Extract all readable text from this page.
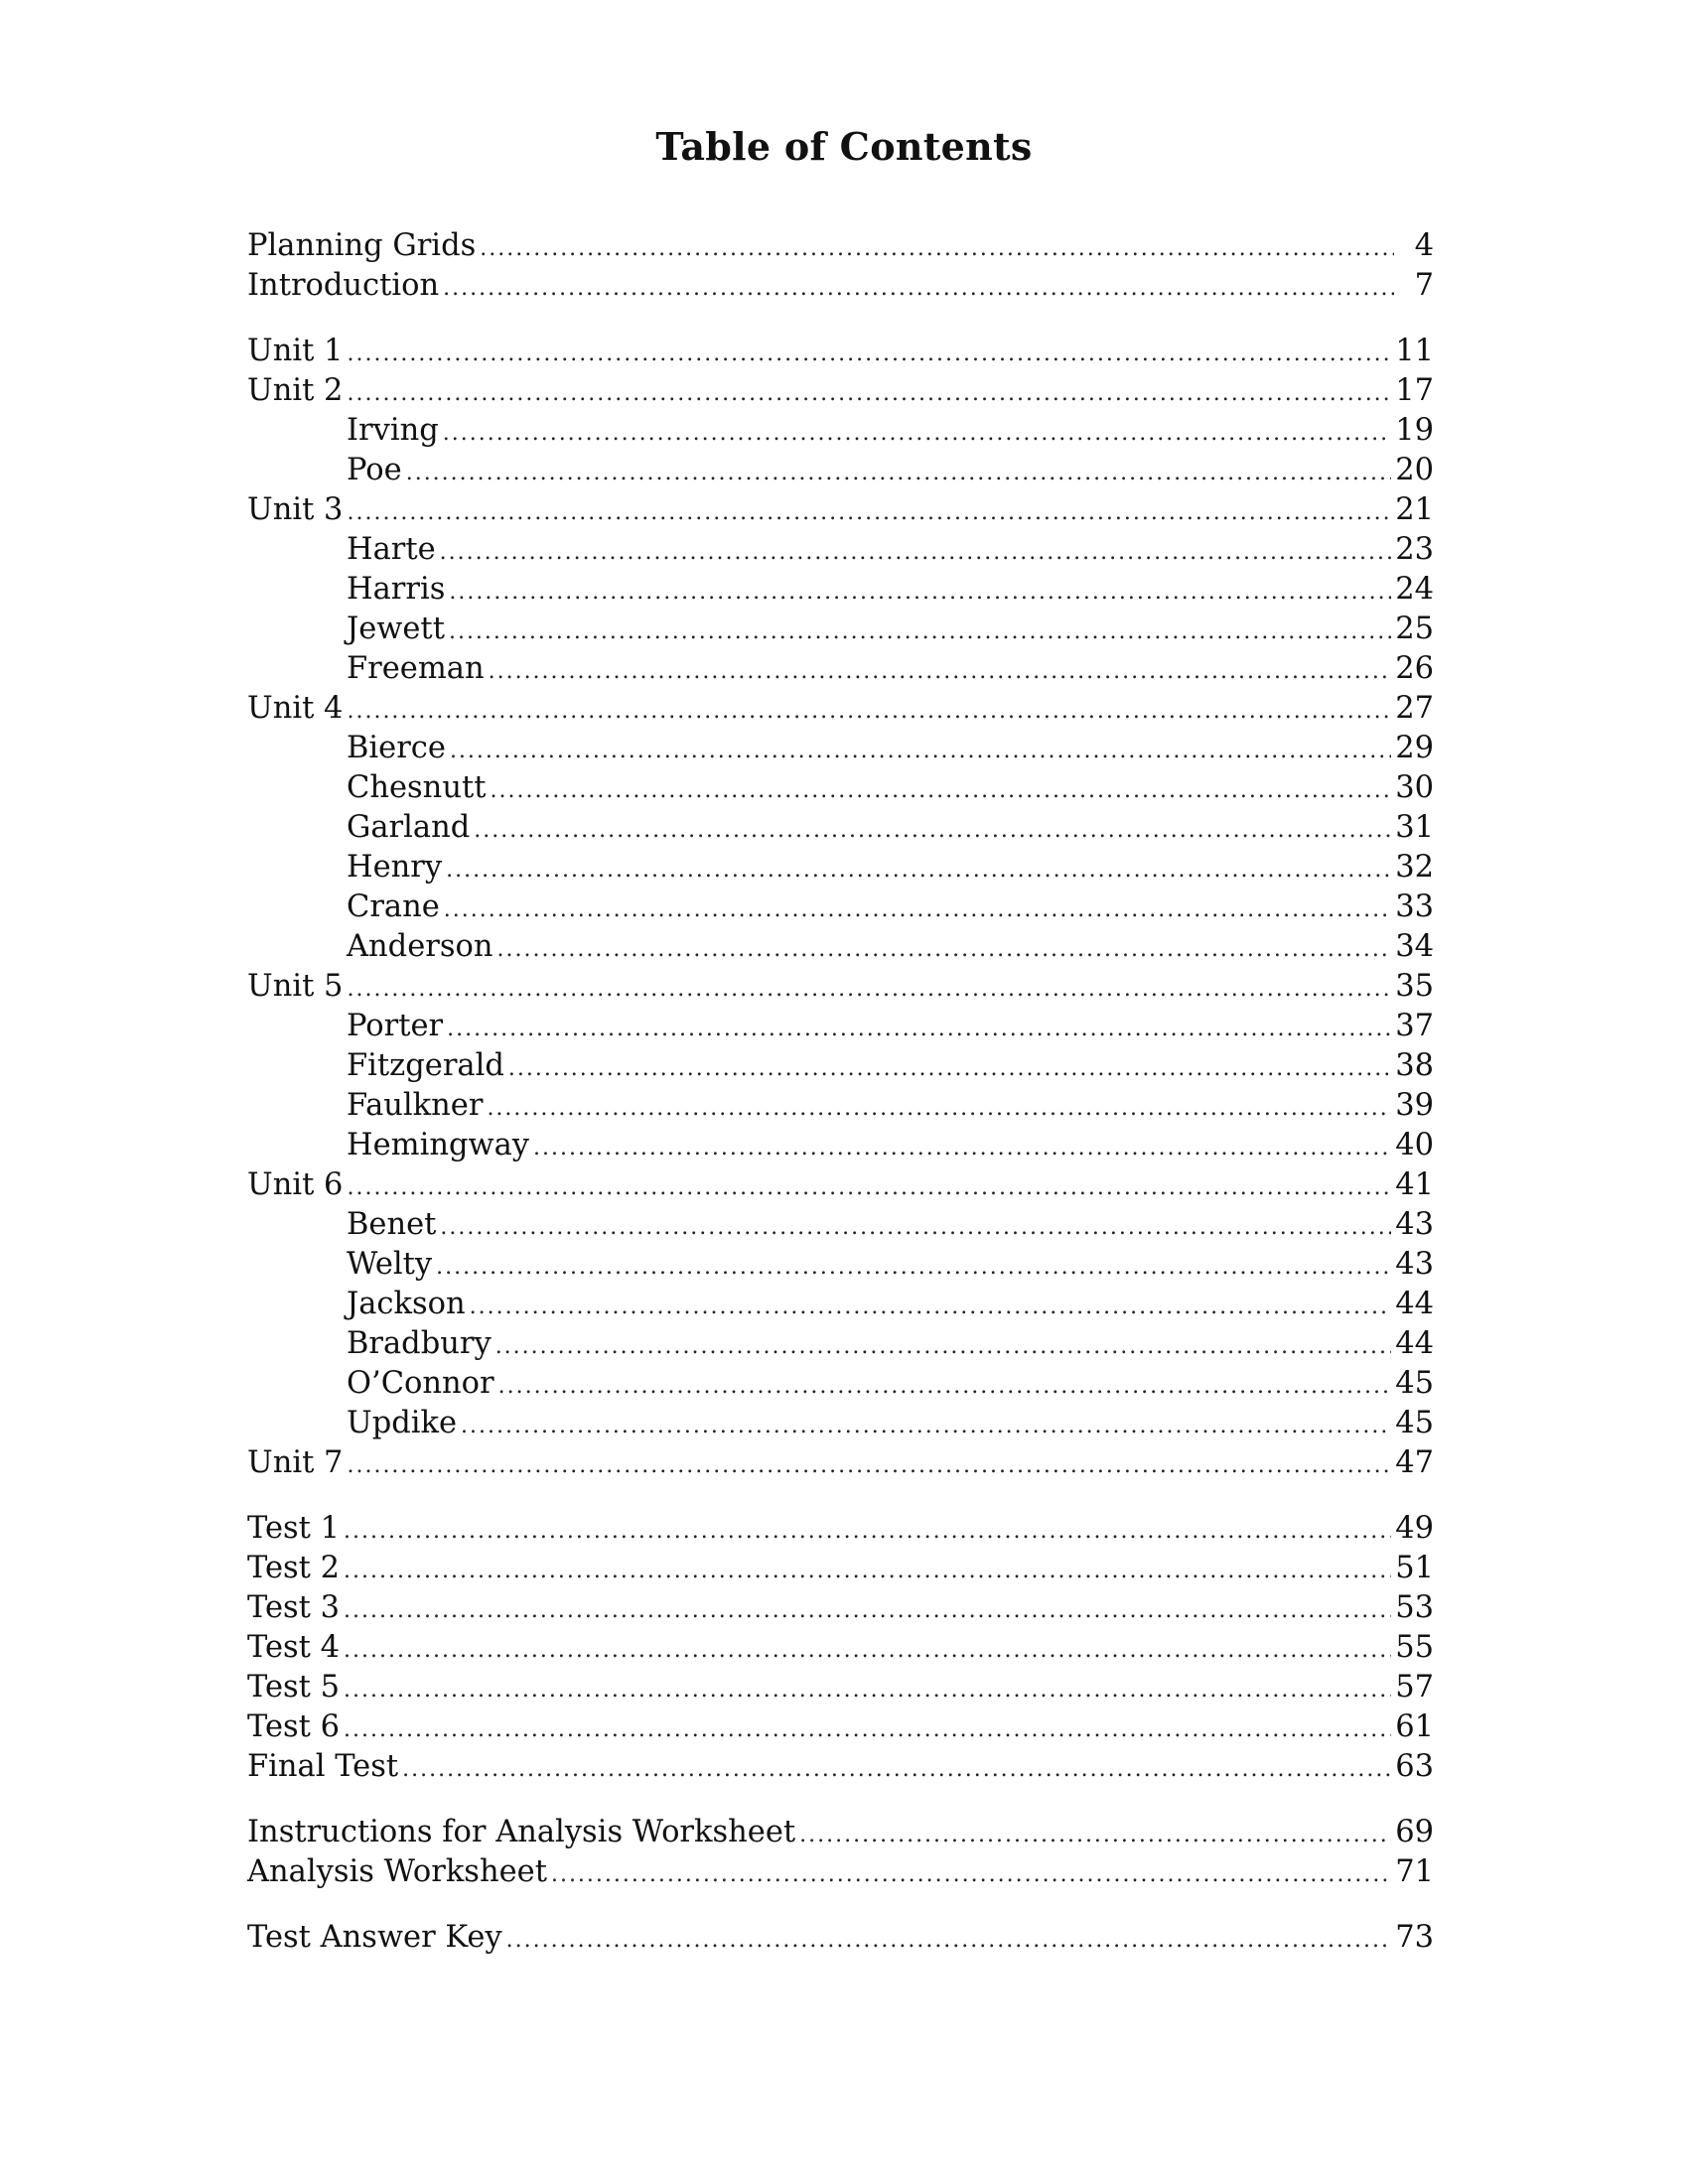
Table of Contents
Planning Grids .....	4
Introduction .....	7
Unit 1 .....	11
Unit 2 .....	17
Irving .....	19
Poe .....	20
Unit 3 .....	21
Harte .....	23
Harris .....	24
Jewett .....	25
Freeman .....	26
Unit 4 .....	27
Bierce .....	29
Chesnutt .....	30
Garland .....	31
Henry .....	32
Crane .....	33
Anderson .....	34
Unit 5 .....	35
Porter .....	37
Fitzgerald .....	38
Faulkner .....	39
Hemingway .....	40
Unit 6 .....	41
Benet .....	43
Welty .....	43
Jackson .....	44
Bradbury .....	44
O’Connor .....	45
Updike .....	45
Unit 7 .....	47
Test 1 .....	49
Test 2 .....	51
Test 3 .....	53
Test 4 .....	55
Test 5 .....	57
Test 6 .....	61
Final Test .....	63
Instructions for Analysis Worksheet .....	69
Analysis Worksheet .....	71
Test Answer Key .....	73
